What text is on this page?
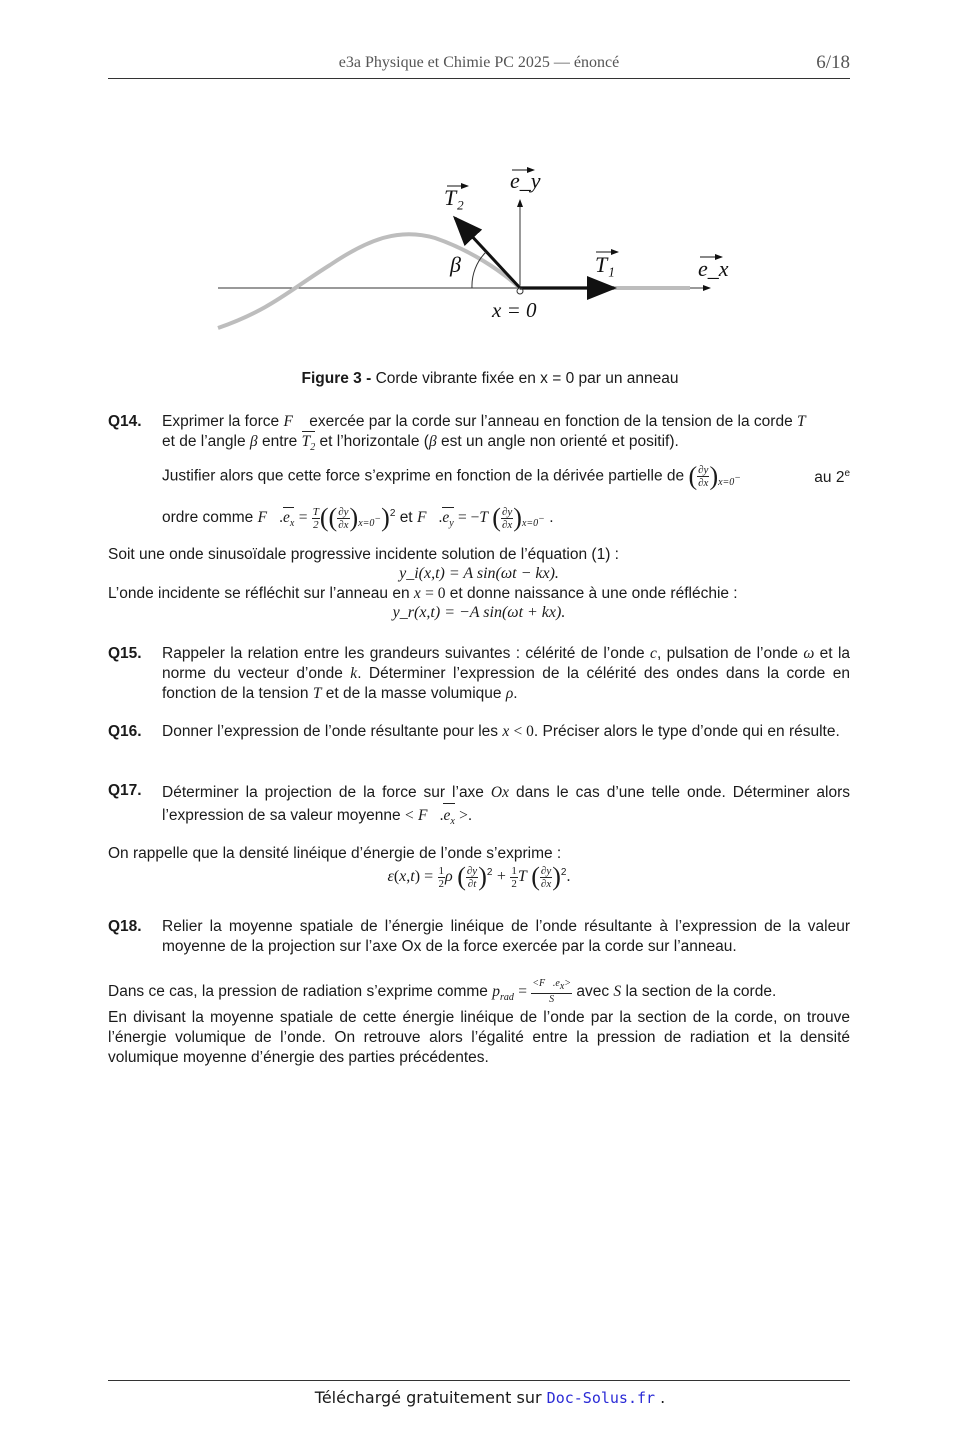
e3a Physique et Chimie PC 2025 — énoncé	6/18
T₂
e_y
β	T₁	e_x
x = 0
Figure 3 - Corde vibrante fixée en x = 0 par un anneau
Q14. Exprimer la force F⃗ exercée par la corde sur l’anneau en fonction de la tension de la corde T
et de l’angle β entre $T_2$ et l’horizontale (β est un angle non orienté et positif).
Justifier alors que cette force s’exprime en fonction de la dérivée partielle de ( $\frac{\partial y}{\partial x} )_{x=0^-}$	au 2e
ordre comme $F⃗.e_x = \frac{T}{2}$ (( $\frac{\partial y}{\partial x} )_{x=0^-})^2$ et $F⃗.e_y = -T$ ( $\frac{\partial y}{\partial x} )_{x=0^-}$ .
Soit une onde sinusoïdale progressive incidente solution de l’équation (1) :
y_i(x,t) = A sin(ωt − kx).
L’onde incidente se réfléchit sur l’anneau en x = 0 et donne naissance à une onde réfléchie :
y_r(x,t) = −A sin(ωt + kx).
Q15. Rappeler la relation entre les grandeurs suivantes : célérité de l’onde c, pulsation de l’onde ω et la norme du vecteur d’onde k. Déterminer l’expression de la célérité des ondes dans la corde en fonction de la tension T et de la masse volumique ρ.
Q16. Donner l’expression de l’onde résultante pour les x < 0. Préciser alors le type d’onde qui en résulte.
Q17. Déterminer la projection de la force sur l’axe Ox dans le cas d’une telle onde. Déterminer alors l’expression de sa valeur moyenne < $F⃗.e_x$ >.
On rappelle que la densité linéique d’énergie de l’onde s’exprime :
$\varepsilon(x,t) = \frac{1}{2}$ ρ ( $\frac{\partial y}{\partial t} )^2 + \frac{1}{2}$ T ( $\frac{\partial y}{\partial x} )^2$.
Q18. Relier la moyenne spatiale de l’énergie linéique de l’onde résultante à l’expression de la valeur moyenne de la projection sur l’axe Ox de la force exercée par la corde sur l’anneau.
Dans ce cas, la pression de radiation s’exprime comme $p_{rad} = \frac{<F⃗.e_x>}{S}$ avec S la section de la corde.
En divisant la moyenne spatiale de cette énergie linéique de l’onde par la section de la corde, on trouve l’énergie volumique de l’onde. On retrouve alors l’égalité entre la pression de radiation et la densité volumique moyenne d’énergie des parties précédentes.
Téléchargé gratuitement sur Doc-Solus.fr .
